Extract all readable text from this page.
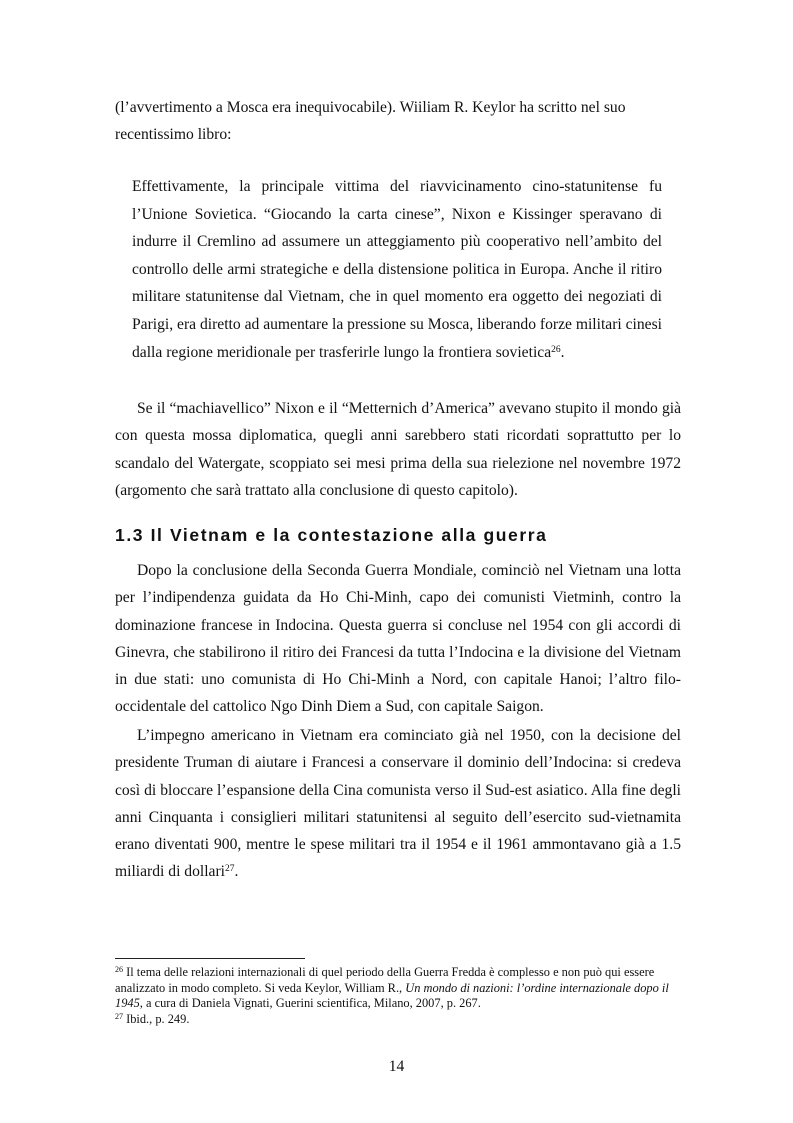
(l’avvertimento a Mosca era inequivocabile). Wiiliam R. Keylor ha scritto nel suo
recentissimo libro:

Effettivamente, la principale vittima del riavvicinamento cino-statunitense fu l’Unione Sovietica. “Giocando la carta cinese”, Nixon e Kissinger speravano di indurre il Cremlino ad assumere un atteggiamento più cooperativo nell’ambito del controllo delle armi strategiche e della distensione politica in Europa. Anche il ritiro militare statunitense dal Vietnam, che in quel momento era oggetto dei negoziati di Parigi, era diretto ad aumentare la pressione su Mosca, liberando forze militari cinesi dalla regione meridionale per trasferirle lungo la frontiera sovietica$^{26}$.

Se il “machiavellico” Nixon e il “Metternich d’America” avevano stupito il mondo già con questa mossa diplomatica, quegli anni sarebbero stati ricordati soprattutto per lo scandalo del Watergate, scoppiato sei mesi prima della sua rielezione nel novembre 1972 (argomento che sarà trattato alla conclusione di questo capitolo).

1.3 Il Vietnam e la contestazione alla guerra

Dopo la conclusione della Seconda Guerra Mondiale, cominciò nel Vietnam una lotta per l’indipendenza guidata da Ho Chi-Minh, capo dei comunisti Vietminh, contro la dominazione francese in Indocina. Questa guerra si concluse nel 1954 con gli accordi di Ginevra, che stabilirono il ritiro dei Francesi da tutta l’Indocina e la divisione del Vietnam in due stati: uno comunista di Ho Chi-Minh a Nord, con capitale Hanoi; l’altro filo-occidentale del cattolico Ngo Dinh Diem a Sud, con capitale Saigon.

L’impegno americano in Vietnam era cominciato già nel 1950, con la decisione del presidente Truman di aiutare i Francesi a conservare il dominio dell’Indocina: si credeva così di bloccare l’espansione della Cina comunista verso il Sud-est asiatico. Alla fine degli anni Cinquanta i consiglieri militari statunitensi al seguito dell’esercito sud-vietnamita erano diventati 900, mentre le spese militari tra il 1954 e il 1961 ammontavano già a 1.5 miliardi di dollari$^{27}$.

$^{26}$ Il tema delle relazioni internazionali di quel periodo della Guerra Fredda è complesso e non può qui essere analizzato in modo completo. Si veda Keylor, William R., Un mondo di nazioni: l’ordine internazionale dopo il 1945, a cura di Daniela Vignati, Guerini scientifica, Milano, 2007, p. 267.

$^{27}$ Ibid., p. 249.

14
